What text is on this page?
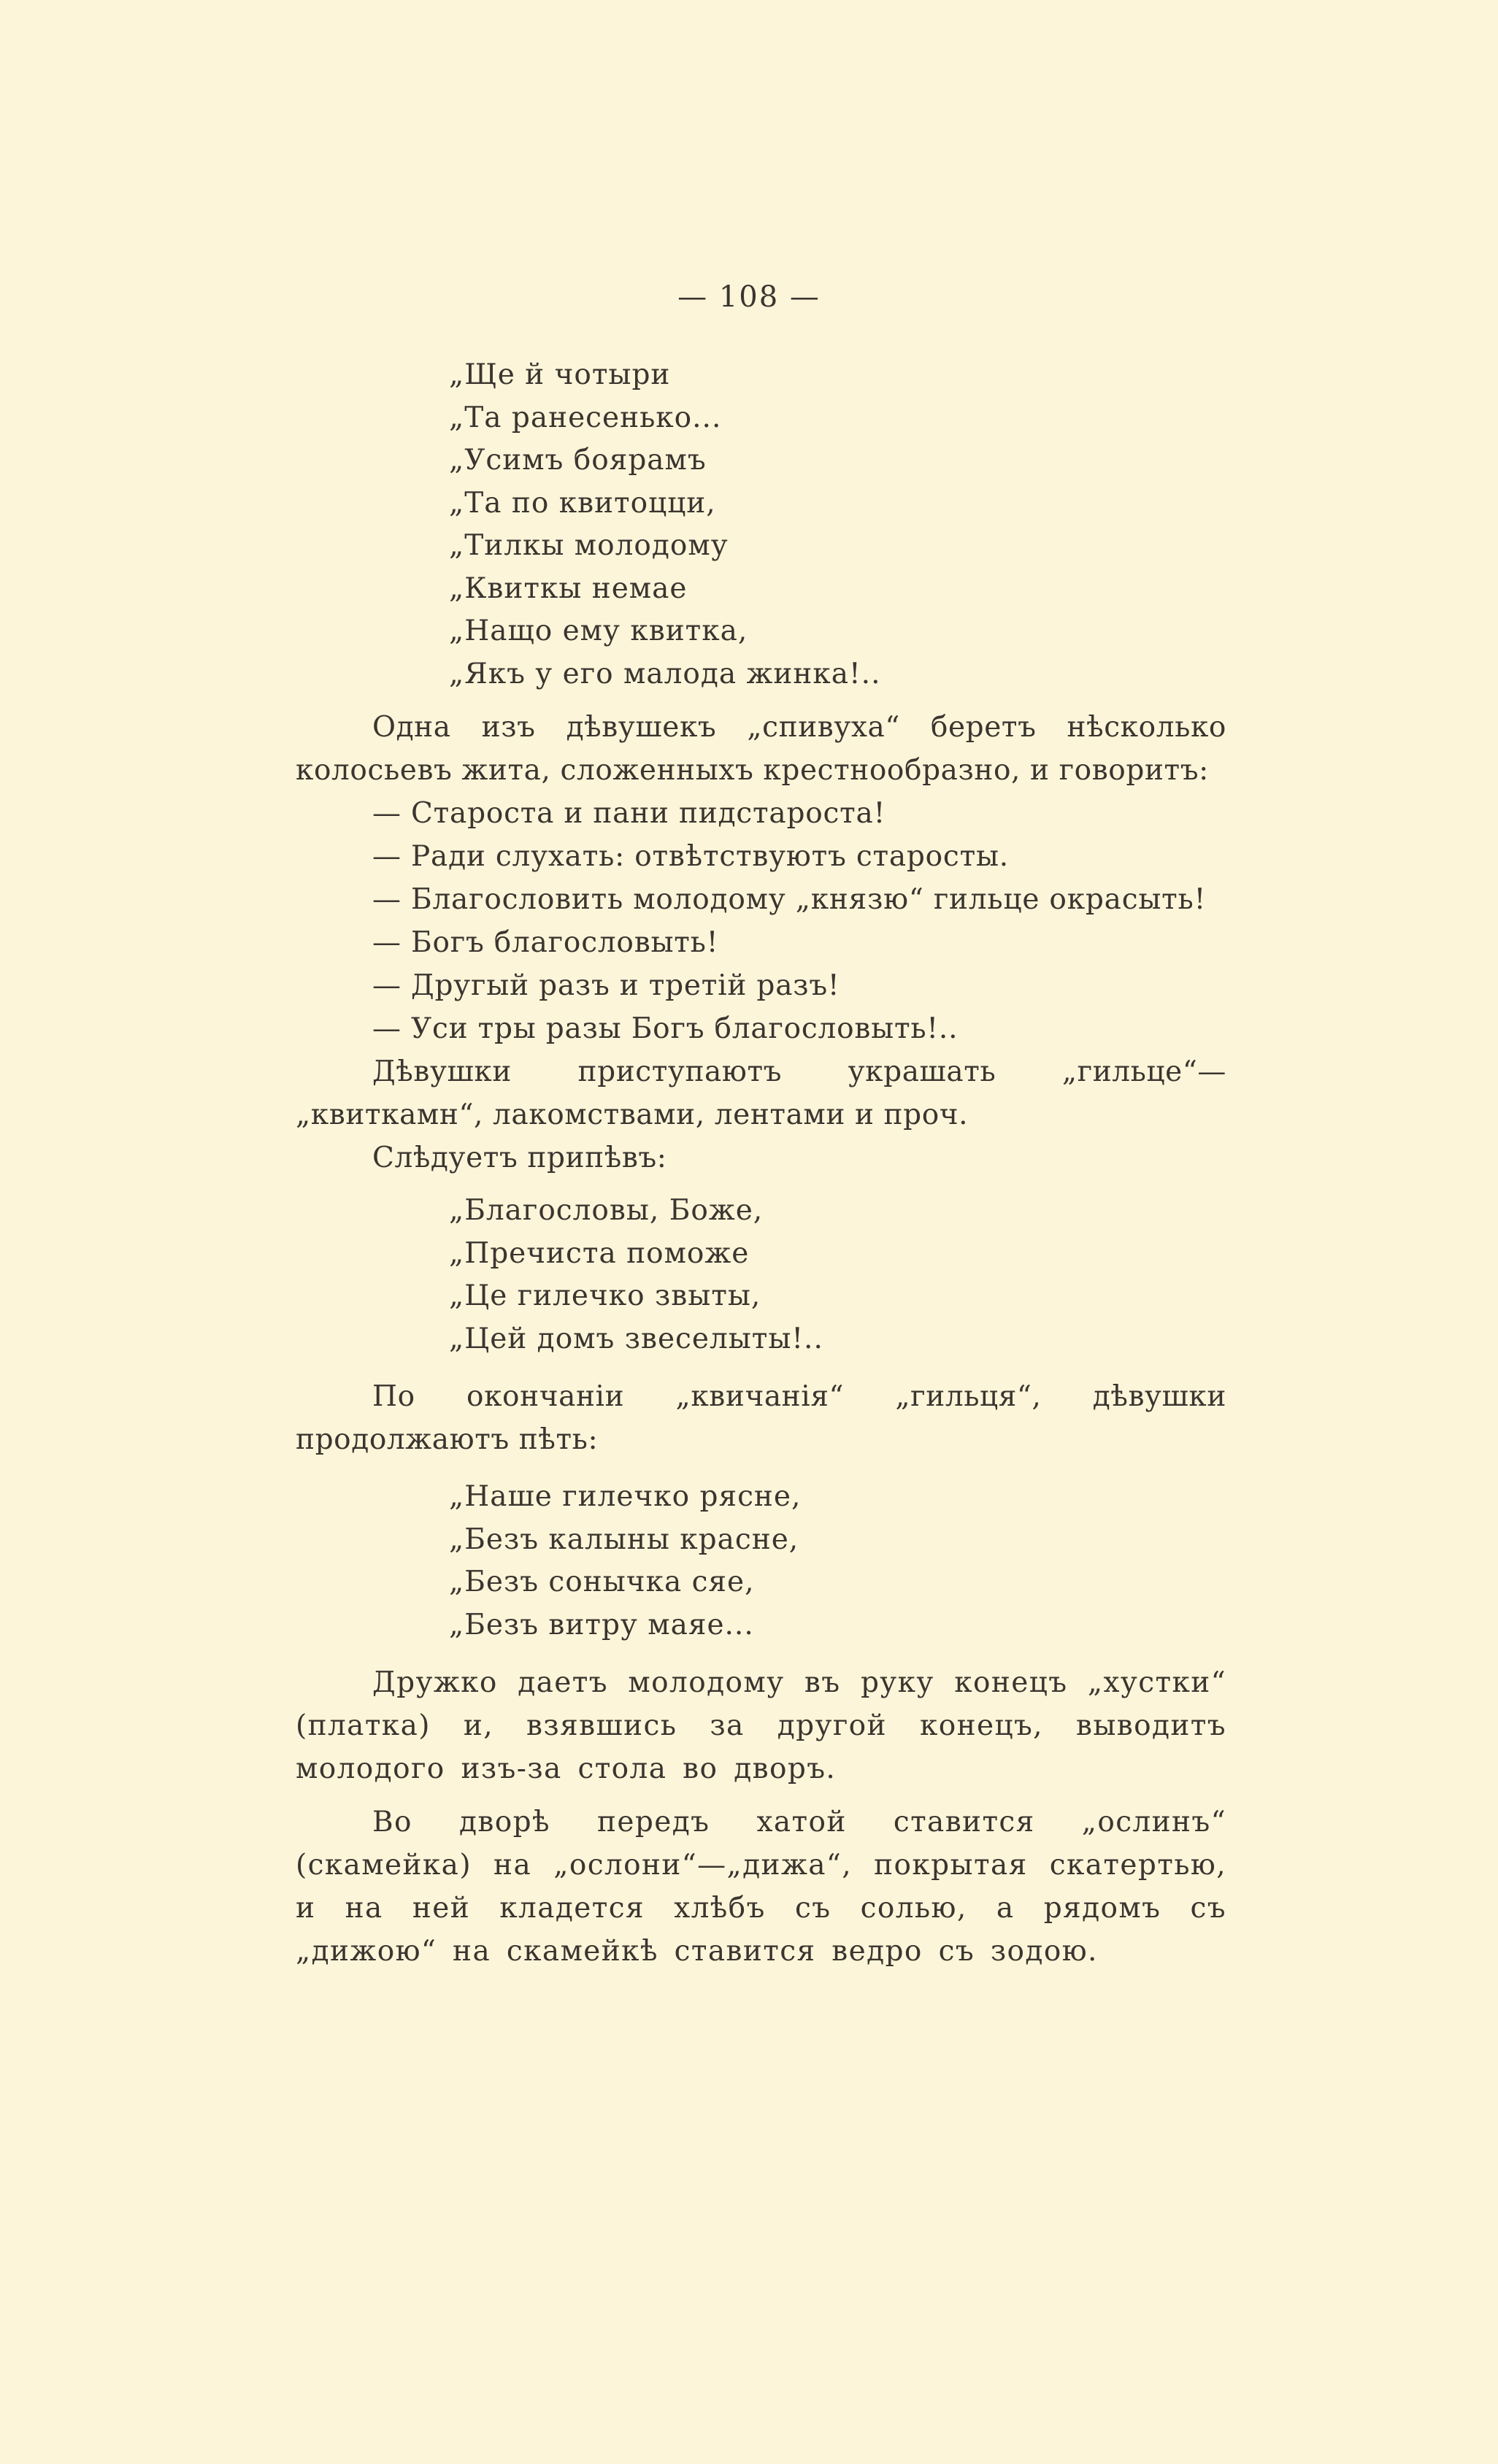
— 108 —
„Ще й чотыри
„Та ранесенько...
„Усимъ боярамъ
„Та по квитоцци,
„Тилкы молодому
„Квиткы немае
„Нащо ему квитка,
„Якъ у его малода жинка!..

Одна изъ дѣвушекъ „спивуха“ беретъ нѣсколько колосьевъ жита, сложенныхъ крестнообразно, и говоритъ:

— Староста и пани пидстароста!
— Ради слухать: отвѣтствуютъ старосты.
— Благословить молодому „князю“ гильце окрасыть!
— Богъ благословыть!
— Другый разъ и третій разъ!
— Уси тры разы Богъ благословыть!..

Дѣвушки приступаютъ украшать „гильце“—„квиткамн“, лакомствами, лентами и проч.

Слѣдуетъ припѣвъ:

„Благословы, Боже,
„Пречиста поможе
„Це гилечко звыты,
„Цей домъ звеселыты!..

По окончаніи „квичанія“ „гильця“, дѣвушки продолжаютъ пѣть:

„Наше гилечко рясне,
„Безъ калыны красне,
„Безъ сонычка сяе,
„Безъ витру маяе...

Дружко даетъ молодому въ руку конецъ „хустки“ (платка) и, взявшись за другой конецъ, выводитъ молодого изъ-за стола во дворъ.

Во дворѣ передъ хатой ставится „ослинъ“ (скамейка) на „ослони“—„дижа“, покрытая скатертью, и на ней кладется хлѣбъ съ солью, а рядомъ съ „дижою“ на скамейкѣ ставится ведро съ зодою.
